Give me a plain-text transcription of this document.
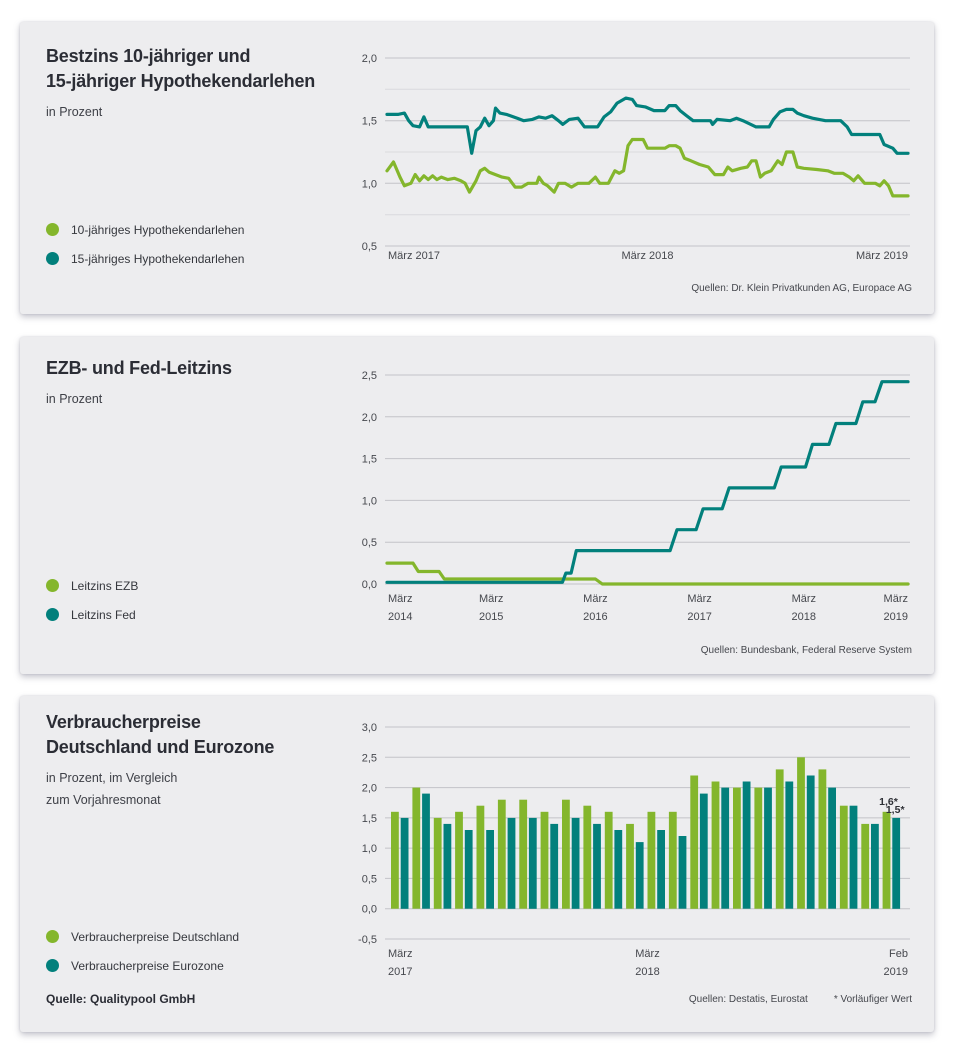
Bestzins 10-jähriger und
15-jähriger Hypothekendarlehen

in Prozent

10-jähriges Hypothekendarlehen
15-jähriges Hypothekendarlehen
0,5
1,0
1,5
2,0
März 2017	März 2018	März 2019
Quellen: Dr. Klein Privatkunden AG, Europace AG
EZB- und Fed-Leitzins

in Prozent

Leitzins EZB
Leitzins Fed
0,0
0,5
1,0
1,5
2,0
2,5
März 2014
März 2015
März 2016
März 2017
März 2018
März 2019
Quellen: Bundesbank, Federal Reserve System
Verbraucherpreise
Deutschland und Eurozone

in Prozent, im Vergleich
zum Vorjahresmonat

Verbraucherpreise Deutschland
Verbraucherpreise Eurozone
-0,5
0,0
0,5
1,0
1,5
2,0
2,5
3,0
März 2017
März 2018
Feb 2019
1,6*
1,5*
Quelle: Qualitypool GmbH	Quellen: Destatis, Eurostat	* Vorläufiger Wert
